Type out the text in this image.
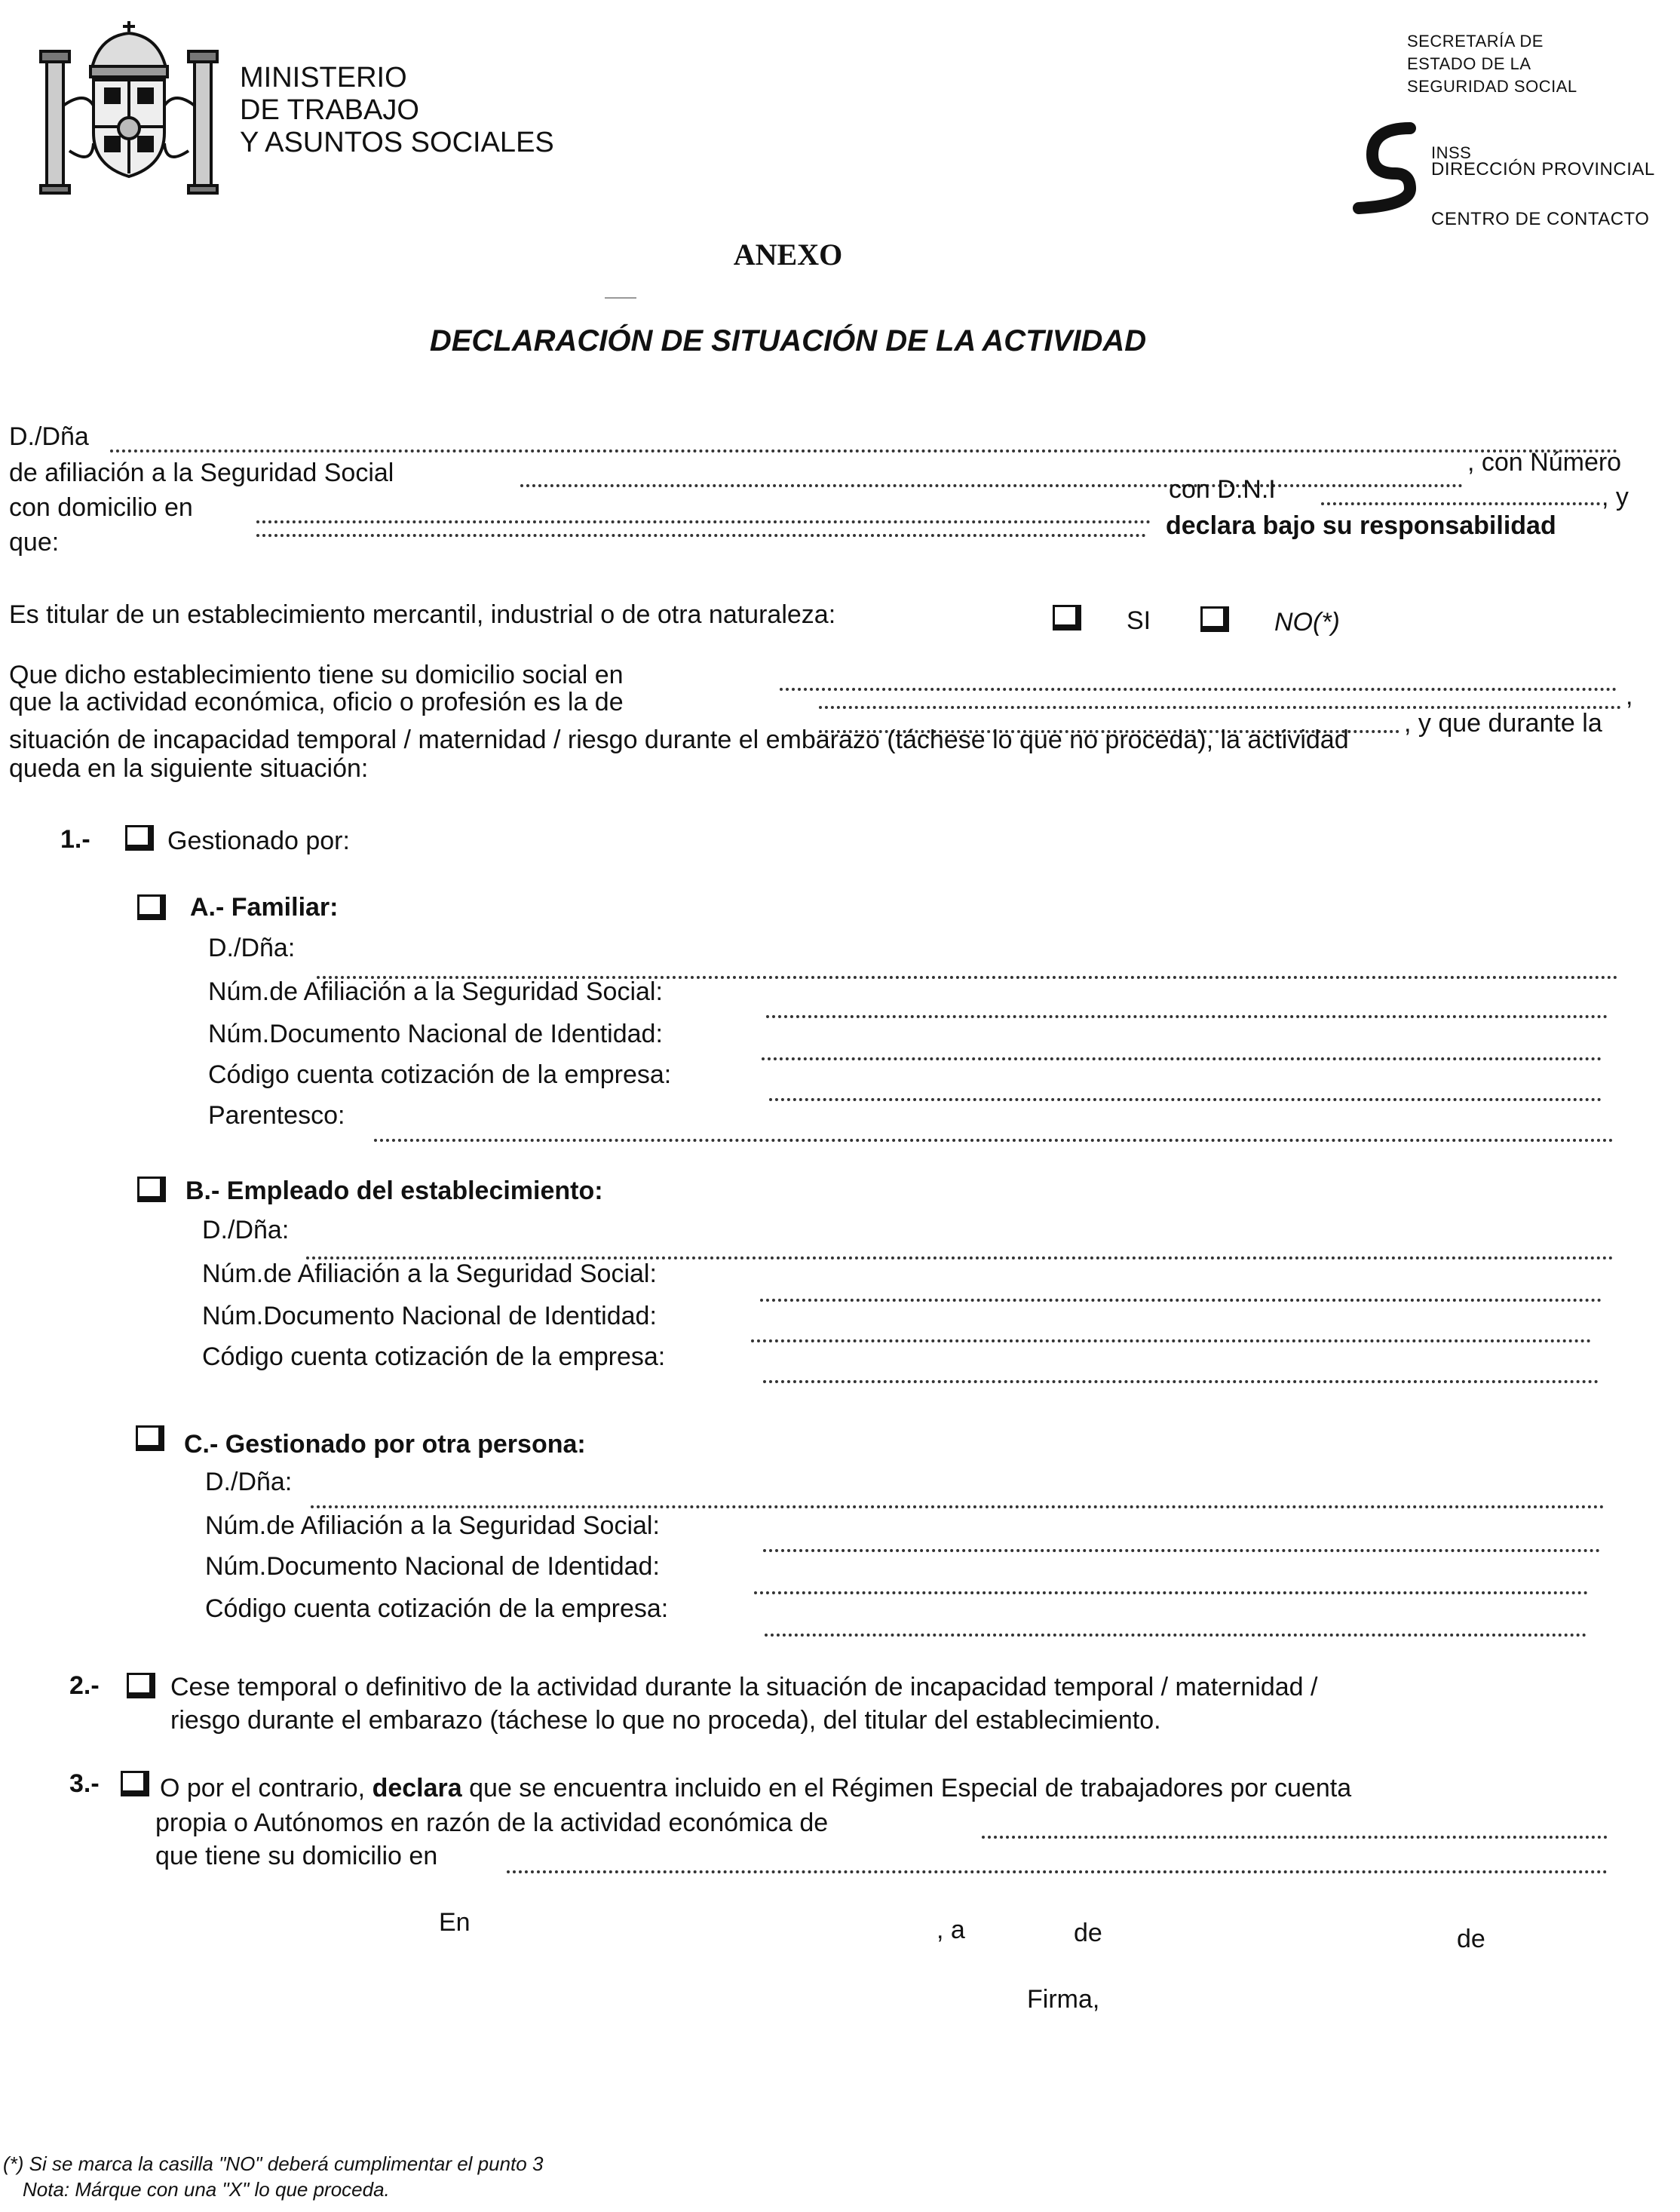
MINISTERIO
DE TRABAJO
Y ASUNTOS SOCIALES
SECRETARÍA DE
ESTADO DE LA
SEGURIDAD SOCIAL
INSS
DIRECCIÓN PROVINCIAL
CENTRO DE CONTACTO
ANEXO
DECLARACIÓN DE SITUACIÓN DE LA ACTIVIDAD
D./Dña
de afiliación a la Seguridad Social	, con Número
con domicilio en
con D.N.I	, y
que:
declara bajo su responsabilidad
Es titular de un establecimiento mercantil, industrial o de otra naturaleza:	SI	NO(*)
Que dicho establecimiento tiene su domicilio social en
que la actividad económica, oficio o profesión es la de	,
, y que durante la
situación de incapacidad temporal / maternidad / riesgo durante el embarazo (táchese lo que no proceda), la actividad
queda en la siguiente situación:
1.-	Gestionado por:
A.- Familiar:
D./Dña:
Núm.de Afiliación a la Seguridad Social:
Núm.Documento Nacional de Identidad:
Código cuenta cotización de la empresa:
Parentesco:
B.- Empleado del establecimiento:
D./Dña:
Núm.de Afiliación a la Seguridad Social:
Núm.Documento Nacional de Identidad:
Código cuenta cotización de la empresa:
C.- Gestionado por otra persona:
D./Dña:
Núm.de Afiliación a la Seguridad Social:
Núm.Documento Nacional de Identidad:
Código cuenta cotización de la empresa:
2.-	Cese temporal o definitivo de la actividad durante la situación de incapacidad temporal / maternidad /
riesgo durante el embarazo (táchese lo que no proceda), del titular del establecimiento.
3.- O por el contrario, declara que se encuentra incluido en el Régimen Especial de trabajadores por cuenta
propia o Autónomos en razón de la actividad económica de
que tiene su domicilio en
En	, a	de	de
Firma,
(*) Si se marca la casilla "NO" deberá cumplimentar el punto 3
Nota: Márque con una "X" lo que proceda.
